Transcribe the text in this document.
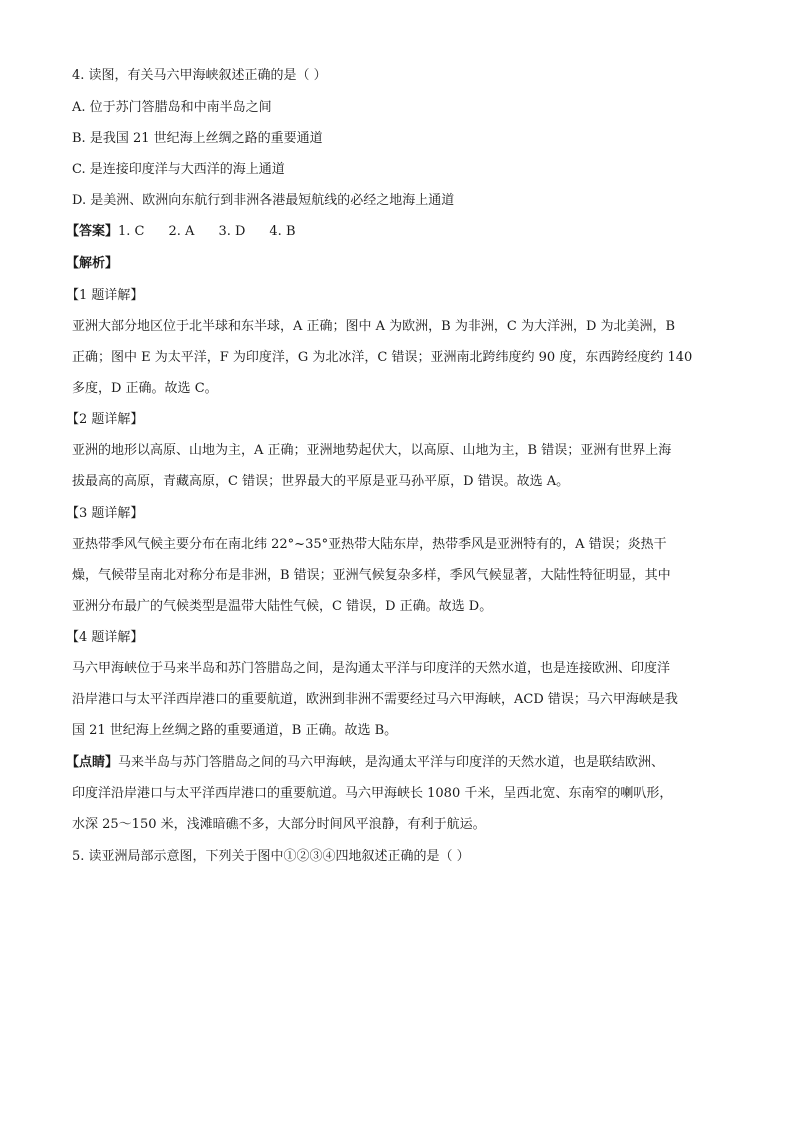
4. 读图，有关马六甲海峡叙述正确的是（ ）
A. 位于苏门答腊岛和中南半岛之间
B. 是我国 21 世纪海上丝绸之路的重要通道
C. 是连接印度洋与大西洋的海上通道
D. 是美洲、欧洲向东航行到非洲各港最短航线的必经之地海上通道
【答案】1. C 2. A 3. D 4. B
【解析】
【1 题详解】
亚洲大部分地区位于北半球和东半球，A 正确；图中 A 为欧洲，B 为非洲，C 为大洋洲，D 为北美洲，B
正确；图中 E 为太平洋，F 为印度洋，G 为北冰洋，C 错误；亚洲南北跨纬度约 90 度，东西跨经度约 140
多度，D 正确。故选 C。
【2 题详解】
亚洲的地形以高原、山地为主，A 正确；亚洲地势起伏大，以高原、山地为主，B 错误；亚洲有世界上海
拔最高的高原，青藏高原，C 错误；世界最大的平原是亚马孙平原，D 错误。故选 A。
【3 题详解】
亚热带季风气候主要分布在南北纬 22°~35°亚热带大陆东岸，热带季风是亚洲特有的，A 错误；炎热干
燥，气候带呈南北对称分布是非洲，B 错误；亚洲气候复杂多样，季风气候显著，大陆性特征明显，其中
亚洲分布最广的气候类型是温带大陆性气候，C 错误，D 正确。故选 D。
【4 题详解】
马六甲海峡位于马来半岛和苏门答腊岛之间，是沟通太平洋与印度洋的天然水道，也是连接欧洲、印度洋
沿岸港口与太平洋西岸港口的重要航道，欧洲到非洲不需要经过马六甲海峡，ACD 错误；马六甲海峡是我
国 21 世纪海上丝绸之路的重要通道，B 正确。故选 B。
【点睛】马来半岛与苏门答腊岛之间的马六甲海峡，是沟通太平洋与印度洋的天然水道，也是联结欧洲、
印度洋沿岸港口与太平洋西岸港口的重要航道。马六甲海峡长 1080 千米，呈西北宽、东南窄的喇叭形，
水深 25～150 米，浅滩暗礁不多，大部分时间风平浪静，有利于航运。
5. 读亚洲局部示意图，下列关于图中①②③④四地叙述正确的是（ ）
